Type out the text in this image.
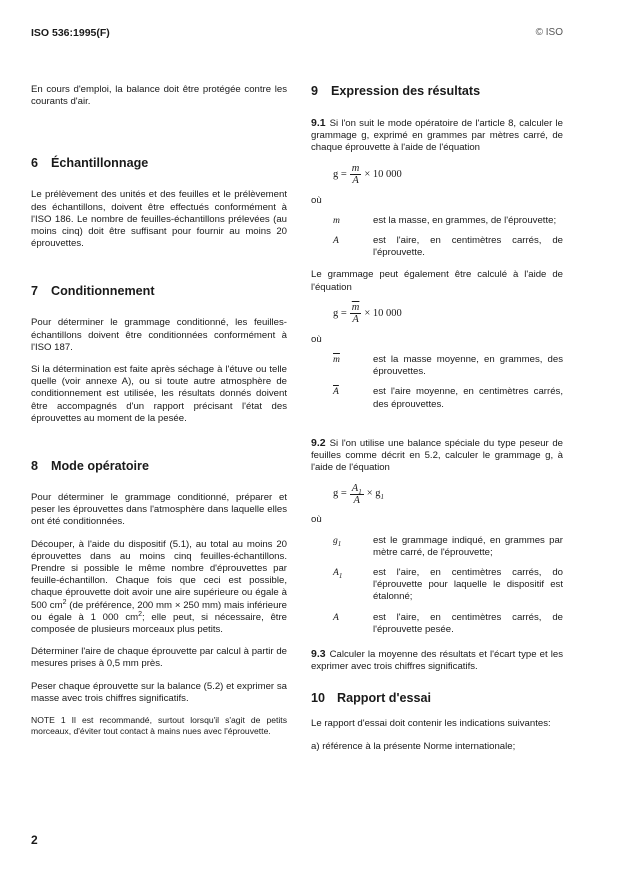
ISO 536:1995(F)	© ISO

En cours d'emploi, la balance doit être protégée contre les courants d'air.

6 Échantillonnage

Le prélèvement des unités et des feuilles et le prélèvement des échantillons, doivent être effectués conformément à l'ISO 186. Le nombre de feuilles-échantillons prélevées (au moins cinq) doit être suffisant pour fournir au moins 20 éprouvettes.

7 Conditionnement

Pour déterminer le grammage conditionné, les feuilles-échantillons doivent être conditionnées conformément à l'ISO 187.

Si la détermination est faite après séchage à l'étuve ou telle quelle (voir annexe A), ou si toute autre atmosphère de conditionnement est utilisée, les résultats donnés doivent être accompagnés d'un rapport précisant l'état des éprouvettes au moment de la pesée.

8 Mode opératoire

Pour déterminer le grammage conditionné, préparer et peser les éprouvettes dans l'atmosphère dans laquelle elles ont été conditionnées.

Découper, à l'aide du dispositif (5.1), au total au moins 20 éprouvettes dans au moins cinq feuilles-échantillons. Prendre si possible le même nombre d'éprouvettes par feuille-échantillon. Chaque fois que ceci est possible, chaque éprouvette doit avoir une aire supérieure ou égale à 500 $cm^2$ (de préférence, 200 mm × 250 mm) mais inférieure ou égale à 1 000 $cm^2$; elle peut, si nécessaire, être composée de plusieurs morceaux plus petits.

Déterminer l'aire de chaque éprouvette par calcul à partir de mesures prises à 0,5 mm près.

Peser chaque éprouvette sur la balance (5.2) et exprimer sa masse avec trois chiffres significatifs.

NOTE 1 Il est recommandé, surtout lorsqu'il s'agit de petits morceaux, d'éviter tout contact à mains nues avec l'éprouvette.

9 Expression des résultats

9.1 Si l'on suit le mode opératoire de l'article 8, calculer le grammage g, exprimé en grammes par mètres carré, de chaque éprouvette à l'aide de l'équation

$g = \frac{m}{A} \times 10$ 000
où
m	est la masse, en grammes, de l'éprouvette;
A	est l'aire, en centimètres carrés, de l'éprouvette.

Le grammage peut également être calculé à l'aide de l'équation

$g = \frac{\overline{m}}{A} \times 10$ 000
où
$\overline{m}$	est la masse moyenne, en grammes, des éprouvettes.
$\overline{A}$	est l'aire moyenne, en centimètres carrés, des éprouvettes.

9.2 Si l'on utilise une balance spéciale du type peseur de feuilles comme décrit en 5.2, calculer le grammage g, à l'aide de l'équation

$g = \frac{A_1}{A} \times g_1$
où
$g_1$	est le grammage indiqué, en grammes par mètre carré, de l'éprouvette;
$A_1$	est l'aire, en centimètres carrés, do l'éprouvette pour laquelle le dispositif est étalonné;
A	est l'aire, en centimètres carrés, de l'éprouvette pesée.

9.3 Calculer la moyenne des résultats et l'écart type et les exprimer avec trois chiffres significatifs.

10 Rapport d'essai

Le rapport d'essai doit contenir les indications suivantes:

a) référence à la présente Norme internationale;

2
